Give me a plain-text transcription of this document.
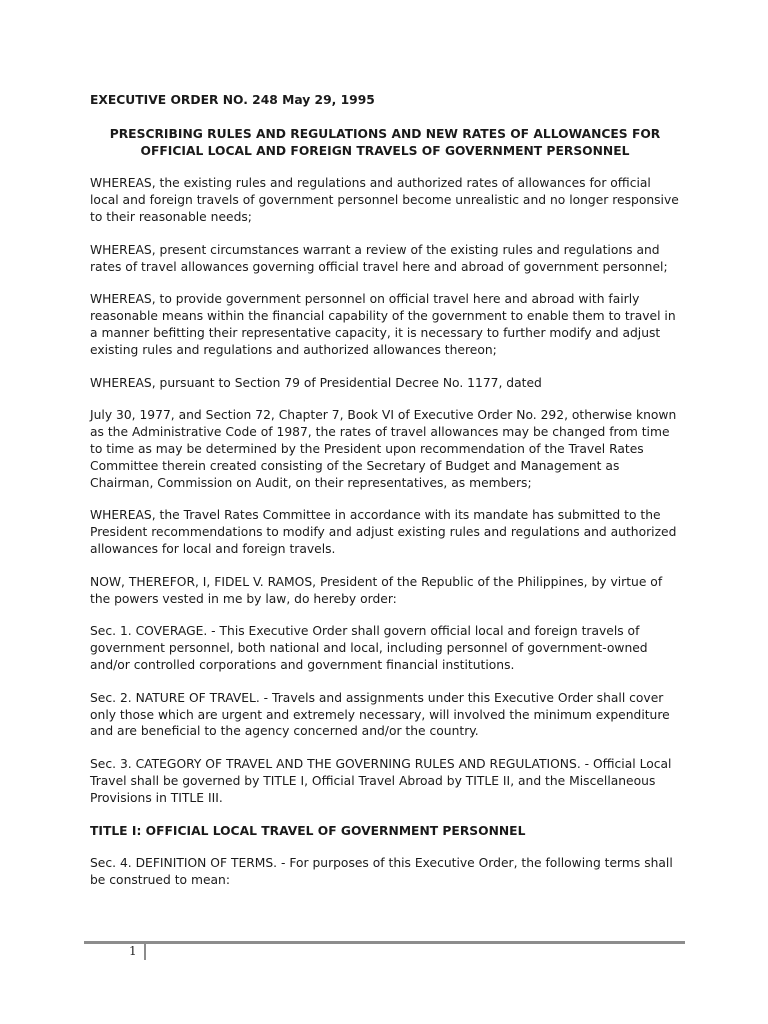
EXECUTIVE ORDER NO. 248 May 29, 1995
PRESCRIBING RULES AND REGULATIONS AND NEW RATES OF ALLOWANCES FOR OFFICIAL LOCAL AND FOREIGN TRAVELS OF GOVERNMENT PERSONNEL

WHEREAS, the existing rules and regulations and authorized rates of allowances for official local and foreign travels of government personnel become unrealistic and no longer responsive to their reasonable needs;

WHEREAS, present circumstances warrant a review of the existing rules and regulations and rates of travel allowances governing official travel here and abroad of government personnel;

WHEREAS, to provide government personnel on official travel here and abroad with fairly reasonable means within the financial capability of the government to enable them to travel in a manner befitting their representative capacity, it is necessary to further modify and adjust existing rules and regulations and authorized allowances thereon;

WHEREAS, pursuant to Section 79 of Presidential Decree No. 1177, dated

July 30, 1977, and Section 72, Chapter 7, Book VI of Executive Order No. 292, otherwise known as the Administrative Code of 1987, the rates of travel allowances may be changed from time to time as may be determined by the President upon recommendation of the Travel Rates Committee therein created consisting of the Secretary of Budget and Management as Chairman, Commission on Audit, on their representatives, as members;

WHEREAS, the Travel Rates Committee in accordance with its mandate has submitted to the President recommendations to modify and adjust existing rules and regulations and authorized allowances for local and foreign travels.

NOW, THEREFOR, I, FIDEL V. RAMOS, President of the Republic of the Philippines, by virtue of the powers vested in me by law, do hereby order:

Sec. 1. COVERAGE. - This Executive Order shall govern official local and foreign travels of government personnel, both national and local, including personnel of government-owned and/or controlled corporations and government financial institutions.

Sec. 2. NATURE OF TRAVEL. - Travels and assignments under this Executive Order shall cover only those which are urgent and extremely necessary, will involved the minimum expenditure and are beneficial to the agency concerned and/or the country.

Sec. 3. CATEGORY OF TRAVEL AND THE GOVERNING RULES AND REGULATIONS. - Official Local Travel shall be governed by TITLE I, Official Travel Abroad by TITLE II, and the Miscellaneous Provisions in TITLE III.

TITLE I: OFFICIAL LOCAL TRAVEL OF GOVERNMENT PERSONNEL

Sec. 4. DEFINITION OF TERMS. - For purposes of this Executive Order, the following terms shall be construed to mean:

1
